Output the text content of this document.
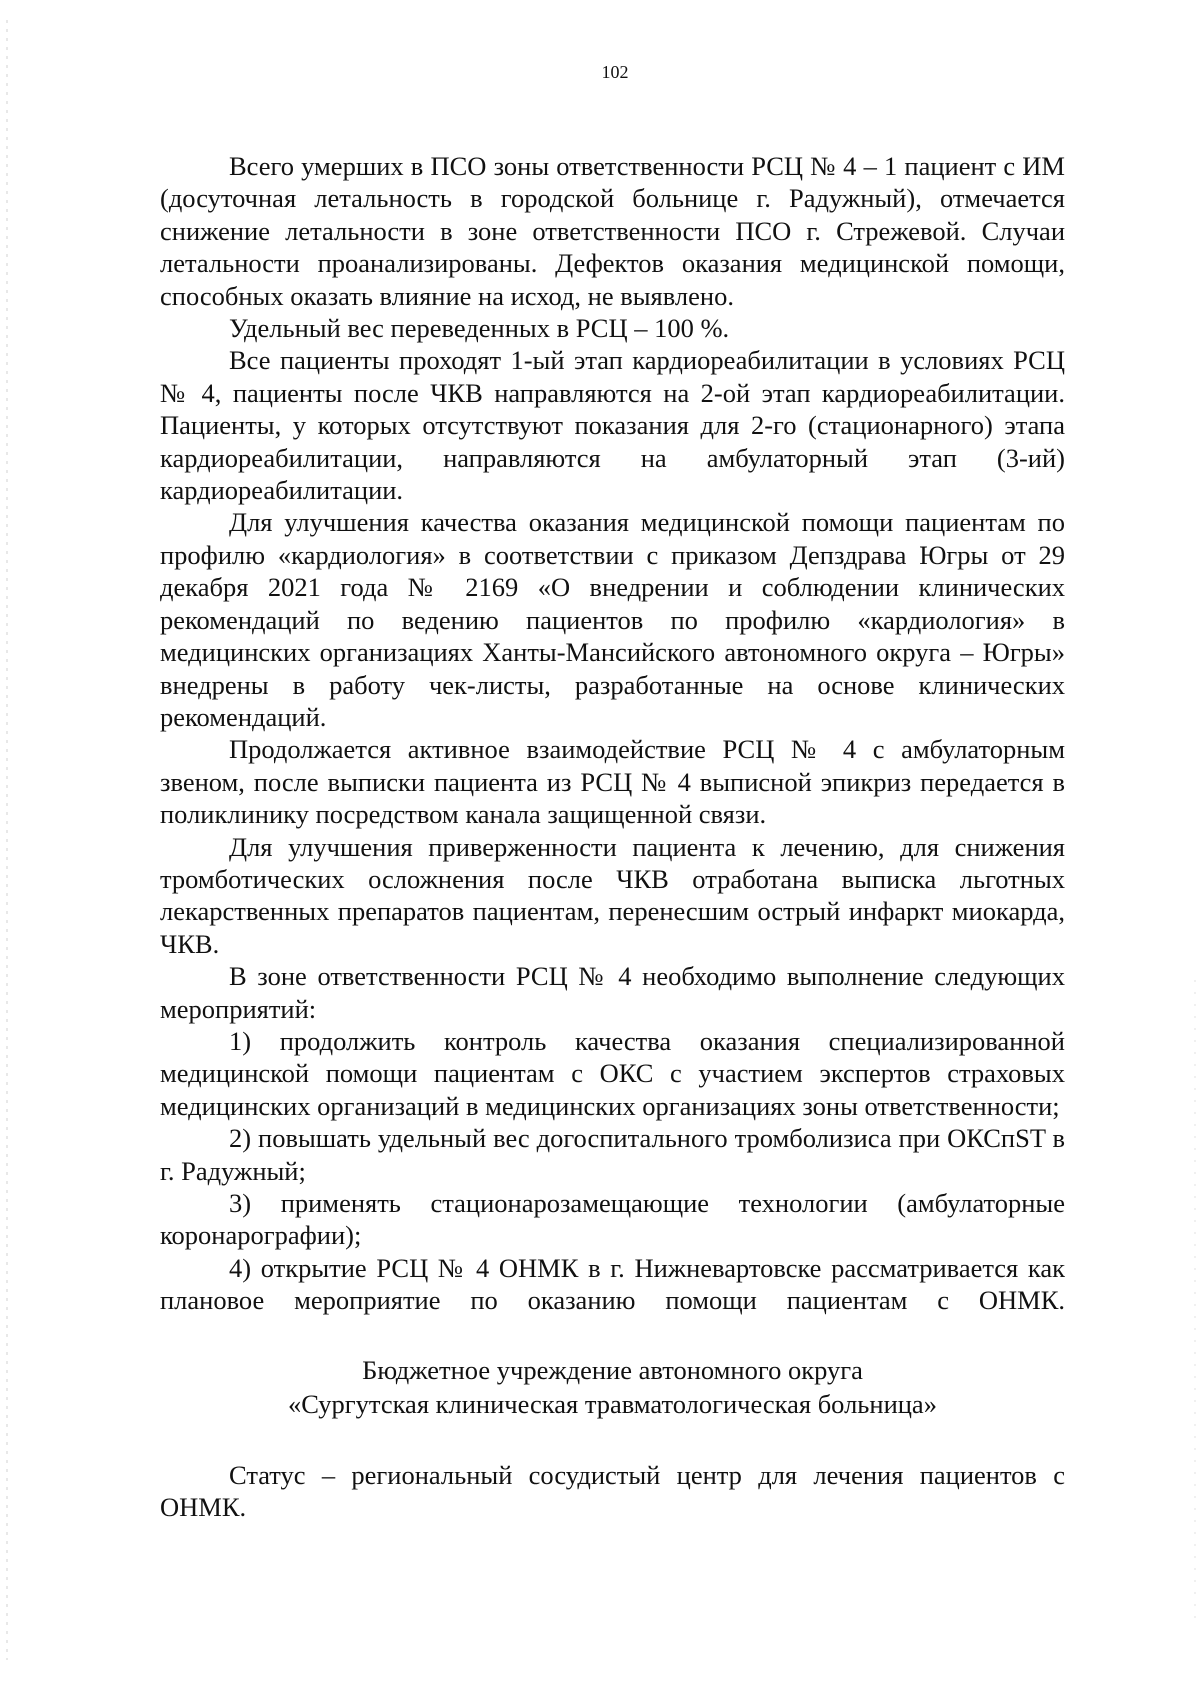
102

Всего умерших в ПСО зоны ответственности РСЦ № 4 – 1 пациент с ИМ (досуточная летальность в городской больнице г. Радужный), отмечается снижение летальности в зоне ответственности ПСО г. Стрежевой. Случаи летальности проанализированы. Дефектов оказания медицинской помощи, способных оказать влияние на исход, не выявлено.

Удельный вес переведенных в РСЦ – 100 %.

Все пациенты проходят 1-ый этап кардиореабилитации в условиях РСЦ № 4, пациенты после ЧКВ направляются на 2-ой этап кардиореабилитации. Пациенты, у которых отсутствуют показания для 2-го (стационарного) этапа кардиореабилитации, направляются на амбулаторный этап (3-ий) кардиореабилитации.

Для улучшения качества оказания медицинской помощи пациентам по профилю «кардиология» в соответствии с приказом Депздрава Югры от 29 декабря 2021 года № 2169 «О внедрении и соблюдении клинических рекомендаций по ведению пациентов по профилю «кардиология» в медицинских организациях Ханты-Мансийского автономного округа – Югры» внедрены в работу чек-листы, разработанные на основе клинических рекомендаций.

Продолжается активное взаимодействие РСЦ № 4 с амбулаторным звеном, после выписки пациента из РСЦ № 4 выписной эпикриз передается в поликлинику посредством канала защищенной связи.

Для улучшения приверженности пациента к лечению, для снижения тромботических осложнения после ЧКВ отработана выписка льготных лекарственных препаратов пациентам, перенесшим острый инфаркт миокарда, ЧКВ.

В зоне ответственности РСЦ № 4 необходимо выполнение следующих мероприятий:

1) продолжить контроль качества оказания специализированной медицинской помощи пациентам с ОКС с участием экспертов страховых медицинских организаций в медицинских организациях зоны ответственности;

2) повышать удельный вес догоспитального тромболизиса при ОКСпST в г. Радужный;

3) применять стационарозамещающие технологии (амбулаторные коронарографии);

4) открытие РСЦ № 4 ОНМК в г. Нижневартовске рассматривается как плановое мероприятие по оказанию помощи пациентам с ОНМК.

Бюджетное учреждение автономного округа
«Сургутская клиническая травматологическая больница»

Статус – региональный сосудистый центр для лечения пациентов с ОНМК.
